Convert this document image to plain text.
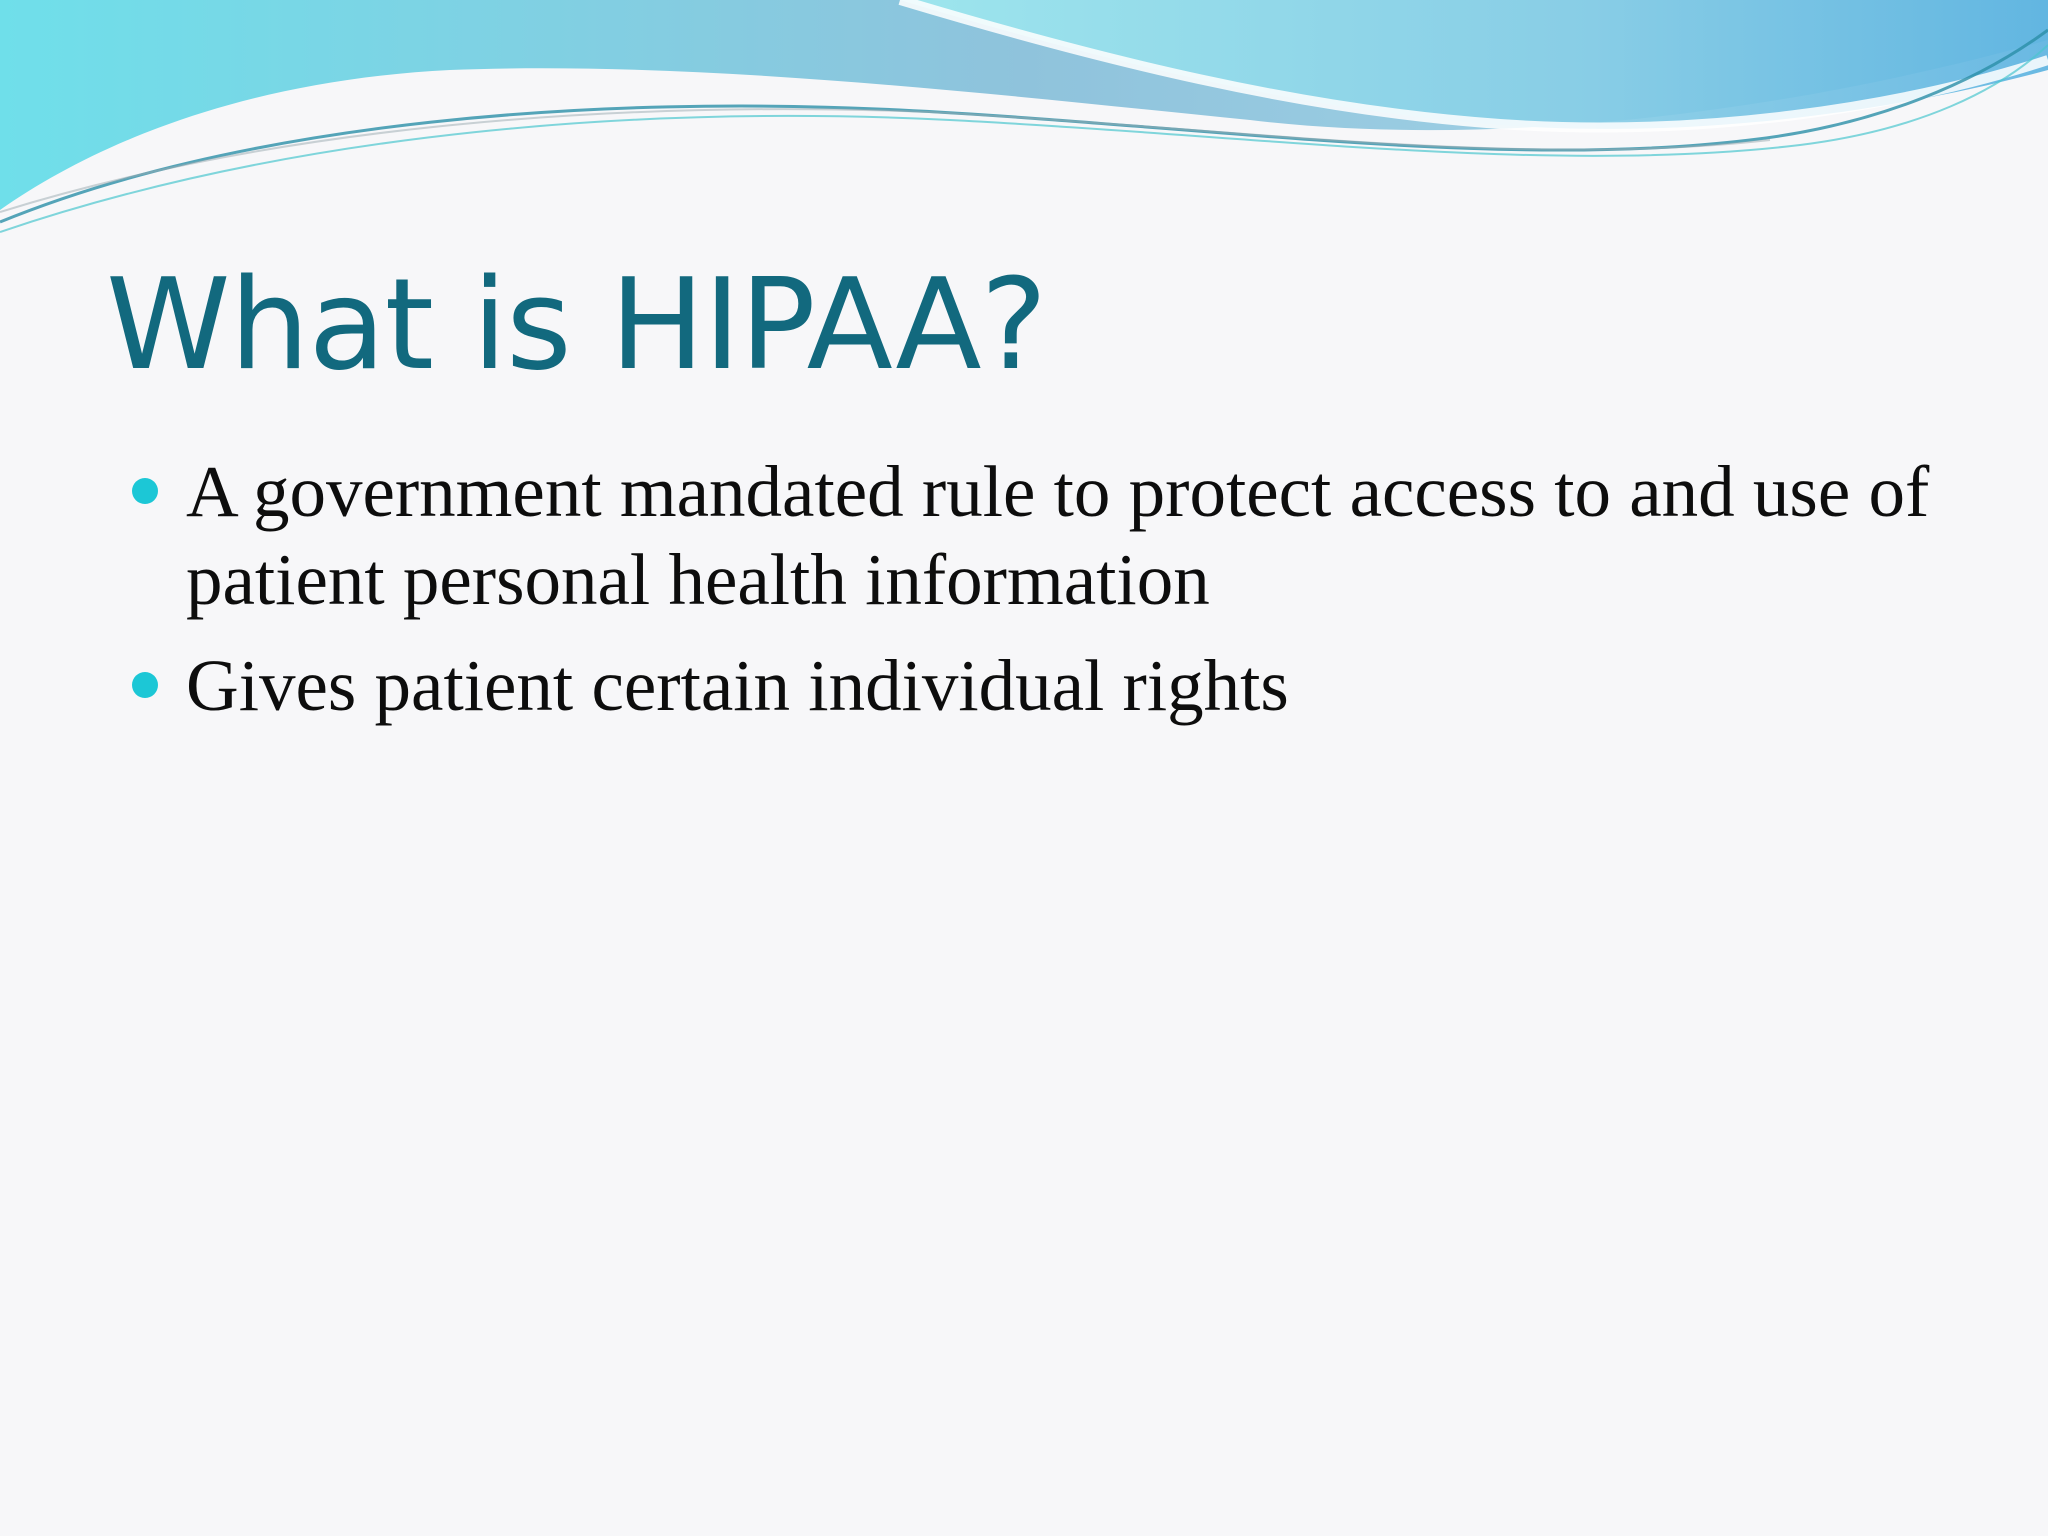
What is HIPAA?
A government mandated rule to protect access to and use of patient personal health information
Gives patient certain individual rights
